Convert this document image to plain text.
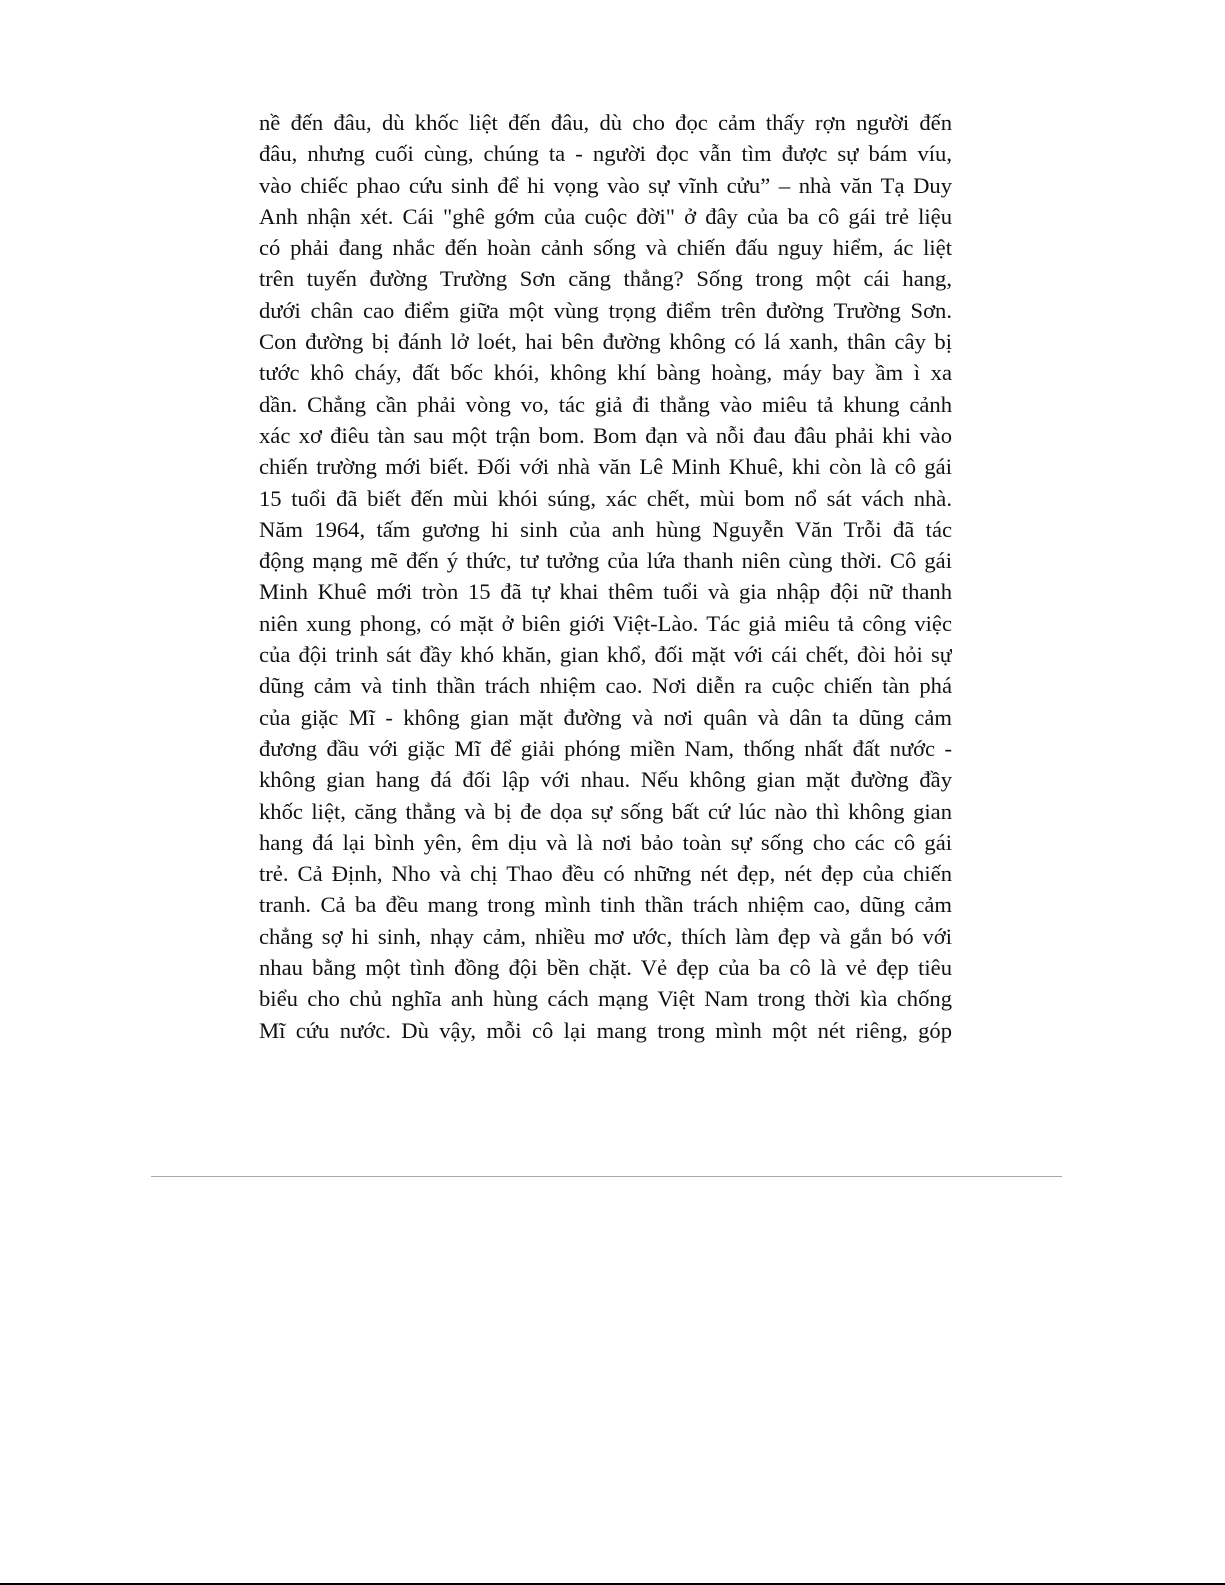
nề đến đâu, dù khốc liệt đến đâu, dù cho đọc cảm thấy rợn người đến
đâu, nhưng cuối cùng, chúng ta - người đọc vẫn tìm được sự bám víu,
vào chiếc phao cứu sinh để hi vọng vào sự vĩnh cửu” – nhà văn Tạ Duy
Anh nhận xét. Cái "ghê gớm của cuộc đời" ở đây của ba cô gái trẻ liệu
có phải đang nhắc đến hoàn cảnh sống và chiến đấu nguy hiểm, ác liệt
trên tuyến đường Trường Sơn căng thẳng? Sống trong một cái hang,
dưới chân cao điểm giữa một vùng trọng điểm trên đường Trường Sơn.
Con đường bị đánh lở loét, hai bên đường không có lá xanh, thân cây bị
tước khô cháy, đất bốc khói, không khí bàng hoàng, máy bay ầm ì xa
dần. Chẳng cần phải vòng vo, tác giả đi thẳng vào miêu tả khung cảnh
xác xơ điêu tàn sau một trận bom. Bom đạn và nỗi đau đâu phải khi vào
chiến trường mới biết. Đối với nhà văn Lê Minh Khuê, khi còn là cô gái
15 tuổi đã biết đến mùi khói súng, xác chết, mùi bom nổ sát vách nhà.
Năm 1964, tấm gương hi sinh của anh hùng Nguyễn Văn Trỗi đã tác
động mạng mẽ đến ý thức, tư tưởng của lứa thanh niên cùng thời. Cô gái
Minh Khuê mới tròn 15 đã tự khai thêm tuổi và gia nhập đội nữ thanh
niên xung phong, có mặt ở biên giới Việt-Lào. Tác giả miêu tả công việc
của đội trinh sát đầy khó khăn, gian khổ, đối mặt với cái chết, đòi hỏi sự
dũng cảm và tinh thần trách nhiệm cao. Nơi diễn ra cuộc chiến tàn phá
của giặc Mĩ - không gian mặt đường và nơi quân và dân ta dũng cảm
đương đầu với giặc Mĩ để giải phóng miền Nam, thống nhất đất nước -
không gian hang đá đối lập với nhau. Nếu không gian mặt đường đầy
khốc liệt, căng thẳng và bị đe dọa sự sống bất cứ lúc nào thì không gian
hang đá lại bình yên, êm dịu và là nơi bảo toàn sự sống cho các cô gái
trẻ. Cả Định, Nho và chị Thao đều có những nét đẹp, nét đẹp của chiến
tranh. Cả ba đều mang trong mình tinh thần trách nhiệm cao, dũng cảm
chẳng sợ hi sinh, nhạy cảm, nhiều mơ ước, thích làm đẹp và gắn bó với
nhau bằng một tình đồng đội bền chặt. Vẻ đẹp của ba cô là vẻ đẹp tiêu
biểu cho chủ nghĩa anh hùng cách mạng Việt Nam trong thời kìa chống
Mĩ cứu nước. Dù vậy, mỗi cô lại mang trong mình một nét riêng, góp
